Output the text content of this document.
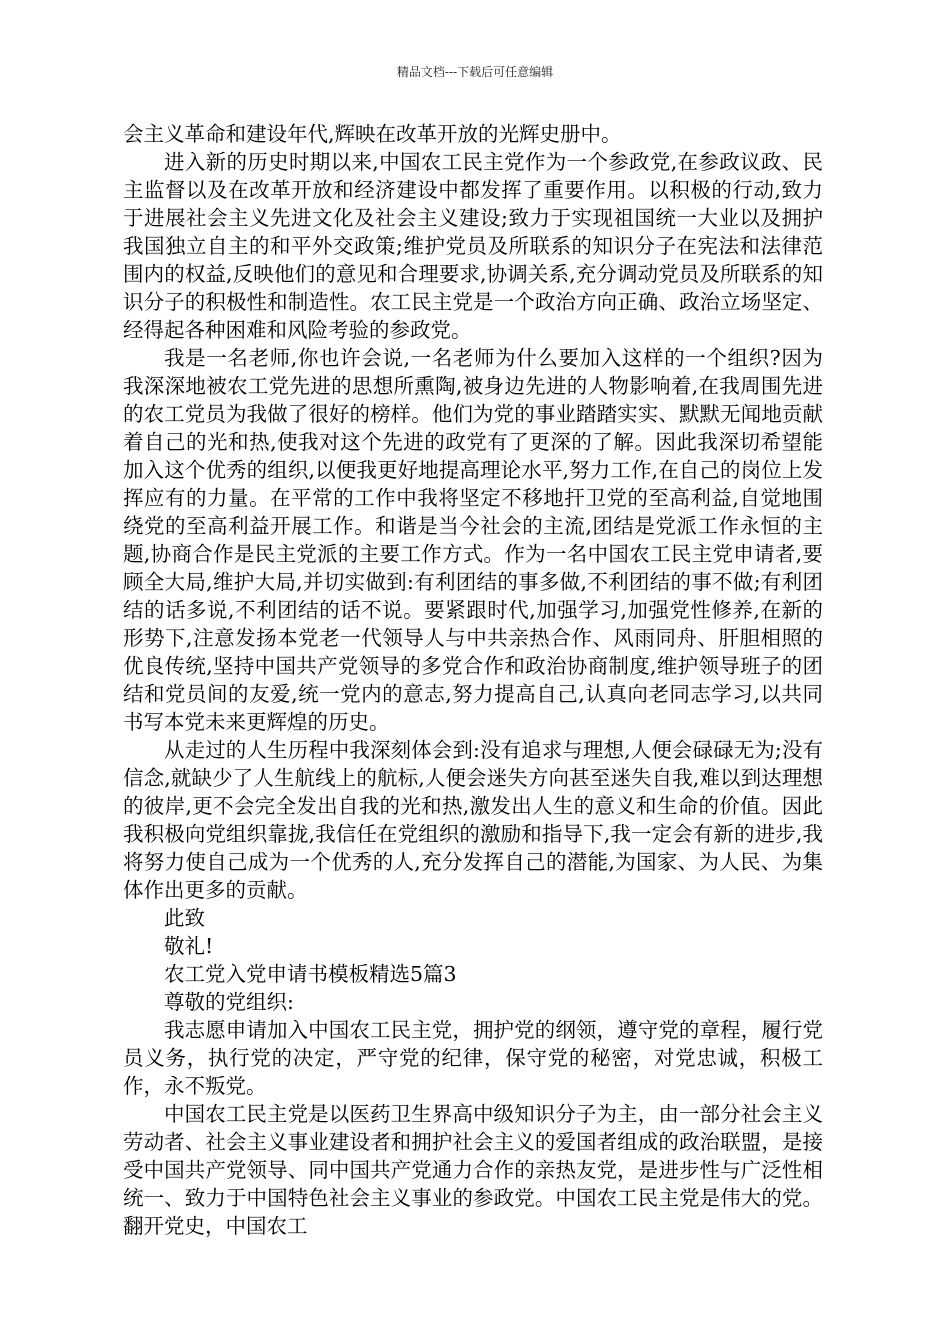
精品文档---下载后可任意编辑

会主义革命和建设年代,辉映在改革开放的光辉史册中。

进入新的历史时期以来,中国农工民主党作为一个参政党,在参政议政、民主监督以及在改革开放和经济建设中都发挥了重要作用。以积极的行动,致力于进展社会主义先进文化及社会主义建设;致力于实现祖国统一大业以及拥护我国独立自主的和平外交政策;维护党员及所联系的知识分子在宪法和法律范围内的权益,反映他们的意见和合理要求,协调关系,充分调动党员及所联系的知识分子的积极性和制造性。农工民主党是一个政治方向正确、政治立场坚定、经得起各种困难和风险考验的参政党。

我是一名老师,你也许会说,一名老师为什么要加入这样的一个组织?因为我深深地被农工党先进的思想所熏陶,被身边先进的人物影响着,在我周围先进的农工党员为我做了很好的榜样。他们为党的事业踏踏实实、默默无闻地贡献着自己的光和热,使我对这个先进的政党有了更深的了解。因此我深切希望能加入这个优秀的组织,以便我更好地提高理论水平,努力工作,在自己的岗位上发挥应有的力量。在平常的工作中我将坚定不移地扞卫党的至高利益,自觉地围绕党的至高利益开展工作。和谐是当今社会的主流,团结是党派工作永恒的主题,协商合作是民主党派的主要工作方式。作为一名中国农工民主党申请者,要顾全大局,维护大局,并切实做到:有利团结的事多做,不利团结的事不做;有利团结的话多说,不利团结的话不说。要紧跟时代,加强学习,加强党性修养,在新的形势下,注意发扬本党老一代领导人与中共亲热合作、风雨同舟、肝胆相照的优良传统,坚持中国共产党领导的多党合作和政治协商制度,维护领导班子的团结和党员间的友爱,统一党内的意志,努力提高自己,认真向老同志学习,以共同书写本党未来更辉煌的历史。

从走过的人生历程中我深刻体会到:没有追求与理想,人便会碌碌无为;没有信念,就缺少了人生航线上的航标,人便会迷失方向甚至迷失自我,难以到达理想的彼岸,更不会完全发出自我的光和热,激发出人生的意义和生命的价值。因此我积极向党组织靠拢,我信任在党组织的激励和指导下,我一定会有新的进步,我将努力使自己成为一个优秀的人,充分发挥自己的潜能,为国家、为人民、为集体作出更多的贡献。

此致

敬礼!

农工党入党申请书模板精选5篇3

尊敬的党组织:

我志愿申请加入中国农工民主党，拥护党的纲领，遵守党的章程，履行党员义务，执行党的决定，严守党的纪律，保守党的秘密，对党忠诚，积极工作，永不叛党。

中国农工民主党是以医药卫生界高中级知识分子为主，由一部分社会主义劳动者、社会主义事业建设者和拥护社会主义的爱国者组成的政治联盟，是接受中国共产党领导、同中国共产党通力合作的亲热友党，是进步性与广泛性相统一、致力于中国特色社会主义事业的参政党。中国农工民主党是伟大的党。翻开党史，中国农工
